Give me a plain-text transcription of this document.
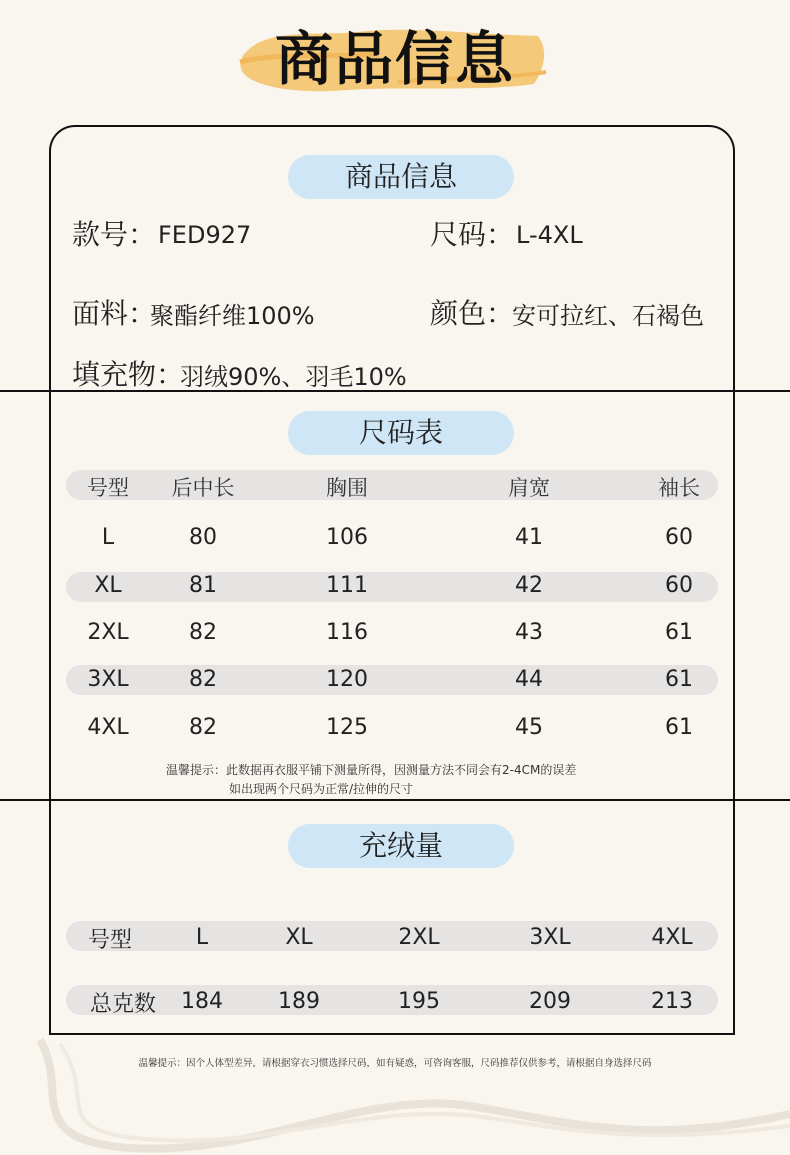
商品信息
商品信息
款号： FED927	尺码： L-4XL
面料：
聚酯纤维100%	颜色：
安可拉红、石褐色
填充物：
羽绒90%、羽毛10%
尺码表
号型	后中长	胸围	肩宽	袖长
L	80	106	41	60
XL	81	111	42	60
2XL	82	116	43	61
3XL	82	120	44	61
4XL	82	125	45	61
温馨提示：此数据再衣服平铺下测量所得，因测量方法不同会有2-4CM的误差
如出现两个尺码为正常/拉伸的尺寸
充绒量
号型	L	XL	2XL	3XL	4XL
总克数	184	189	195	209	213
温馨提示：因个人体型差异，请根据穿衣习惯选择尺码，如有疑惑，可咨询客服，尺码推荐仅供参考，请根据自身选择尺码
